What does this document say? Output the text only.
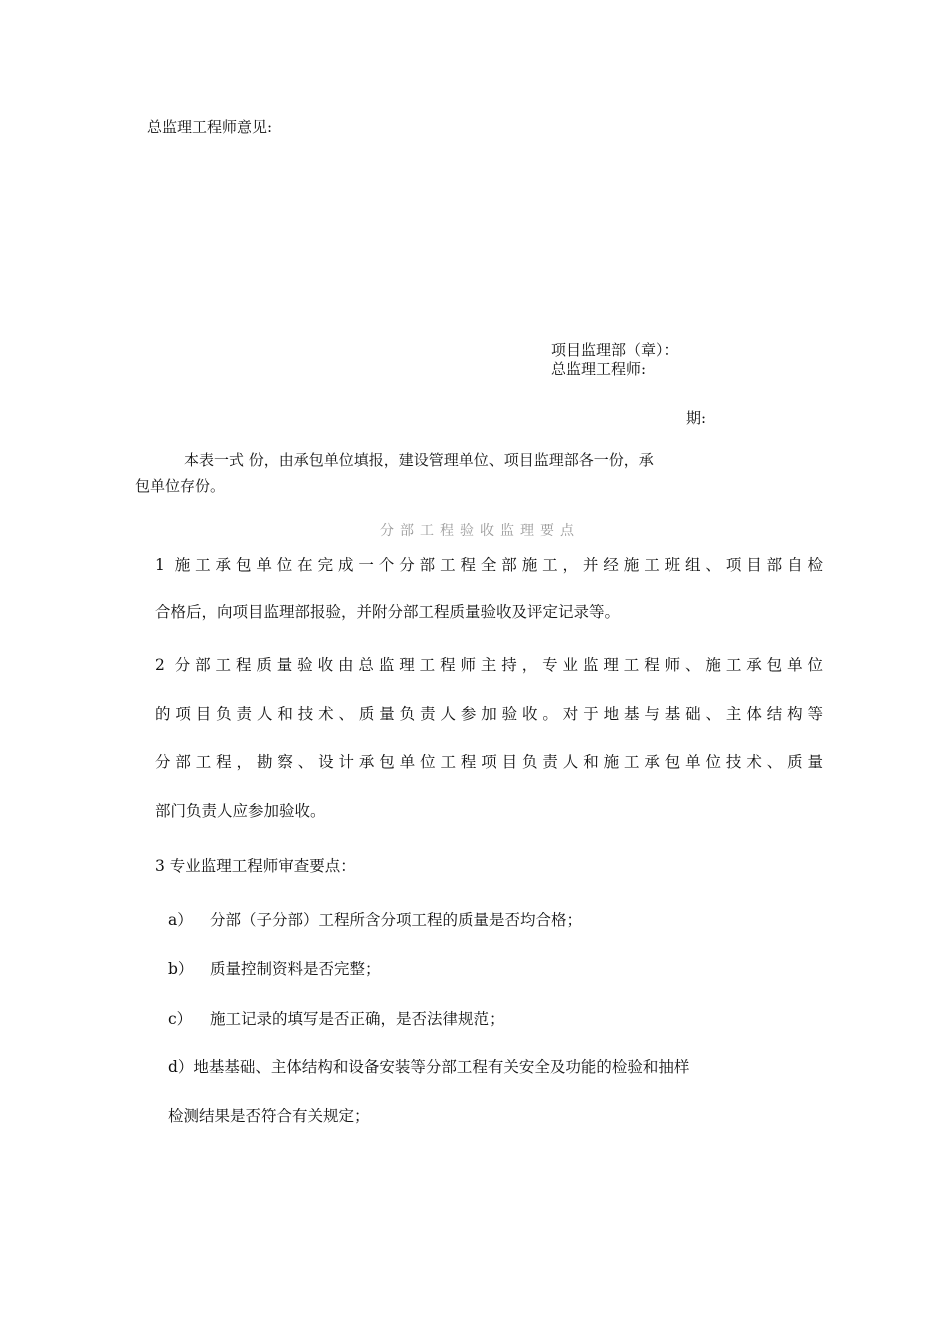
总监理工程师意见:
项目监理部（章）：
总监理工程师:
期:
本表一式 份，由承包单位填报，建设管理单位、项目监理部各一份，承
包单位存份。
分部工程验收监理要点
1 施工承包单位在完成一个分部工程全部施工，并经施工班组、项目部自检
合格后，向项目监理部报验，并附分部工程质量验收及评定记录等。
2 分部工程质量验收由总监理工程师主持，专业监理工程师、施工承包单位
的项目负责人和技术、质量负责人参加验收。对于地基与基础、主体结构等
分部工程，勘察、设计承包单位工程项目负责人和施工承包单位技术、质量
部门负责人应参加验收。
3 专业监理工程师审查要点：
a） 分部（子分部）工程所含分项工程的质量是否均合格；
b） 质量控制资料是否完整；
c） 施工记录的填写是否正确，是否法律规范；
d）地基基础、主体结构和设备安装等分部工程有关安全及功能的检验和抽样
检测结果是否符合有关规定；
